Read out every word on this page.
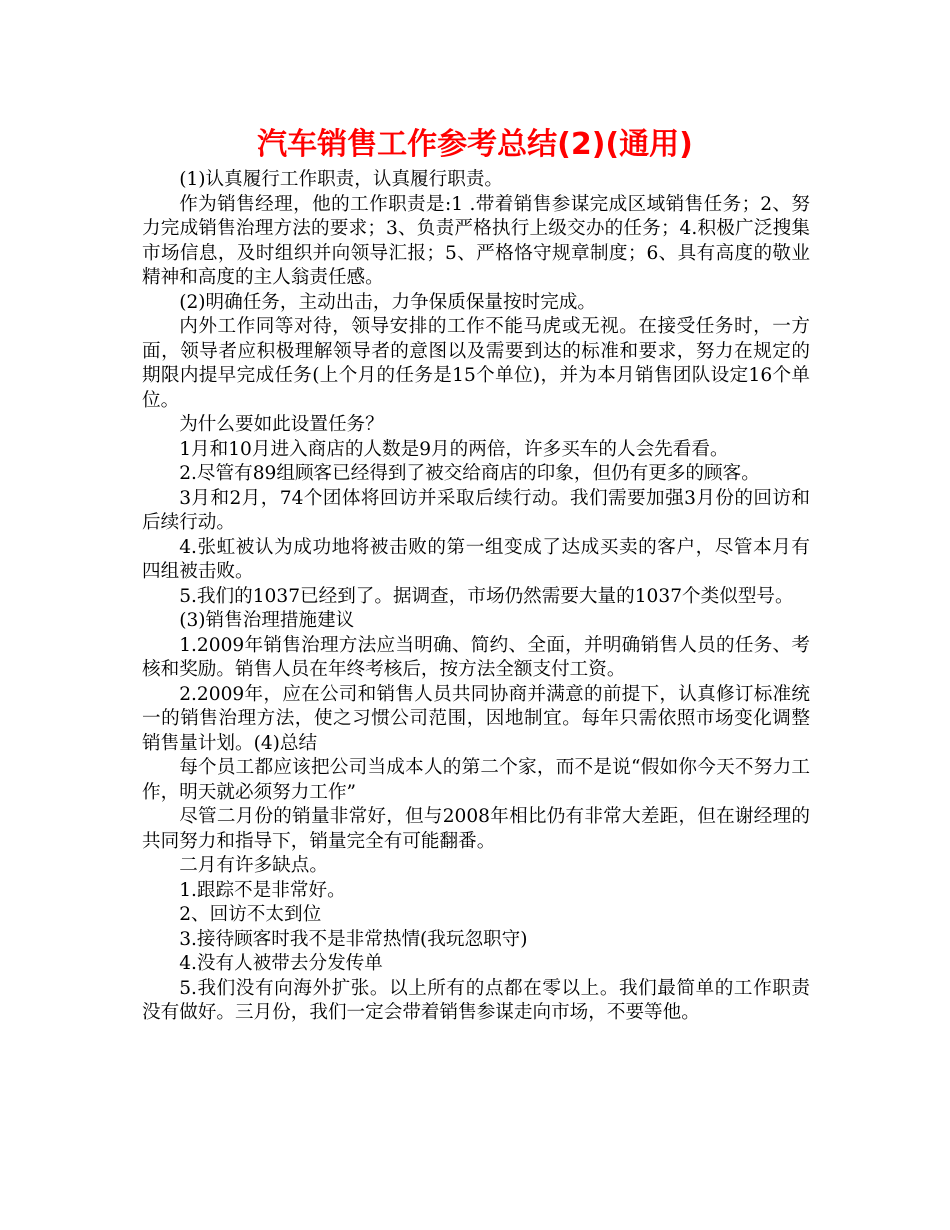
汽车销售工作参考总结(2)(通用)

(1)认真履行工作职责，认真履行职责。

作为销售经理，他的工作职责是:1 .带着销售参谋完成区域销售任务；2、努力完成销售治理方法的要求；3、负责严格执行上级交办的任务；4.积极广泛搜集市场信息，及时组织并向领导汇报；5、严格恪守规章制度；6、具有高度的敬业精神和高度的主人翁责任感。

(2)明确任务，主动出击，力争保质保量按时完成。

内外工作同等对待，领导安排的工作不能马虎或无视。在接受任务时，一方面，领导者应积极理解领导者的意图以及需要到达的标准和要求，努力在规定的期限内提早完成任务(上个月的任务是15个单位)，并为本月销售团队设定16个单位。

为什么要如此设置任务？

1月和10月进入商店的人数是9月的两倍，许多买车的人会先看看。

2.尽管有89组顾客已经得到了被交给商店的印象，但仍有更多的顾客。

3月和2月，74个团体将回访并采取后续行动。我们需要加强3月份的回访和后续行动。

4.张虹被认为成功地将被击败的第一组变成了达成买卖的客户，尽管本月有四组被击败。

5.我们的1037已经到了。据调查，市场仍然需要大量的1037个类似型号。

(3)销售治理措施建议

1.2009年销售治理方法应当明确、简约、全面，并明确销售人员的任务、考核和奖励。销售人员在年终考核后，按方法全额支付工资。

2.2009年，应在公司和销售人员共同协商并满意的前提下，认真修订标准统一的销售治理方法，使之习惯公司范围，因地制宜。每年只需依照市场变化调整销售量计划。(4)总结

每个员工都应该把公司当成本人的第二个家，而不是说“假如你今天不努力工作，明天就必须努力工作”

尽管二月份的销量非常好，但与2008年相比仍有非常大差距，但在谢经理的共同努力和指导下，销量完全有可能翻番。

二月有许多缺点。

1.跟踪不是非常好。

2、回访不太到位

3.接待顾客时我不是非常热情(我玩忽职守)

4.没有人被带去分发传单

5.我们没有向海外扩张。以上所有的点都在零以上。我们最简单的工作职责没有做好。三月份，我们一定会带着销售参谋走向市场，不要等他。
